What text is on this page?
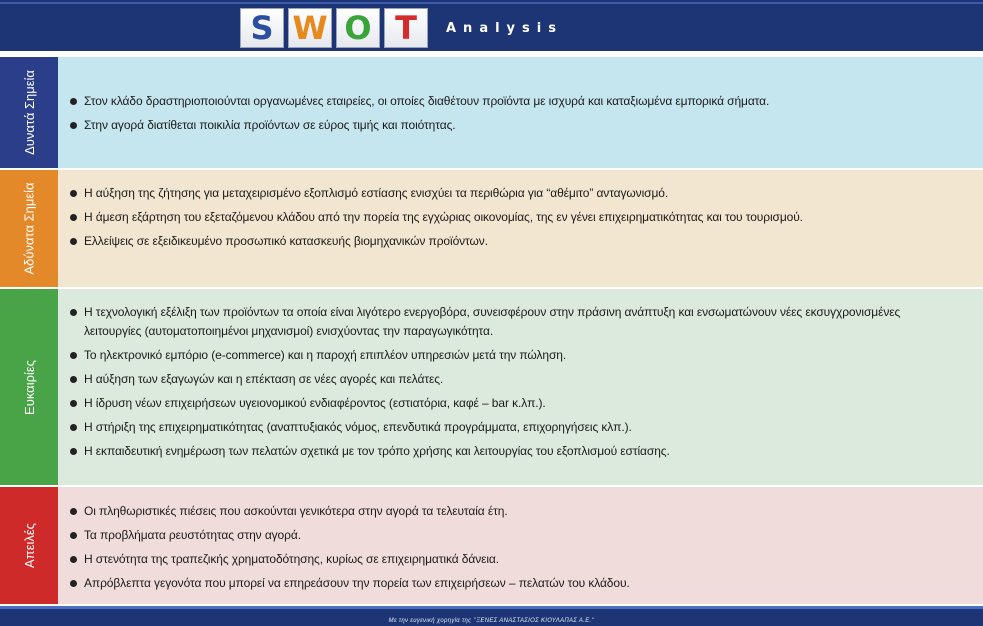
S W O T Analysis
Δυνατά Σημεία	Στον κλάδο δραστηριοποιούνται οργανωμένες εταιρείες, οι οποίες διαθέτουν προϊόντα με ισχυρά και καταξιωμένα εμπορικά σήματα.
Στην αγορά διατίθεται ποικιλία προϊόντων σε εύρος τιμής και ποιότητας.
Αδύνατα Σημεία	Η αύξηση της ζήτησης για μεταχειρισμένο εξοπλισμό εστίασης ενισχύει τα περιθώρια για “αθέμιτο” ανταγωνισμό.
Η άμεση εξάρτηση του εξεταζόμενου κλάδου από την πορεία της εγχώριας οικονομίας, της εν γένει επιχειρηματικότητας και του τουρισμού.
Ελλείψεις σε εξειδικευμένο προσωπικό κατασκευής βιομηχανικών προϊόντων.
Ευκαιρίες
Η τεχνολογική εξέλιξη των προϊόντων τα οποία είναι λιγότερο ενεργοβόρα, συνεισφέρουν στην πράσινη ανάπτυξη και ενσωματώνουν νέες εκσυγχρονισμένες λειτουργίες (αυτοματοποιημένοι μηχανισμοί) ενισχύοντας την παραγωγικότητα.
Το ηλεκτρονικό εμπόριο (e-commerce) και η παροχή επιπλέον υπηρεσιών μετά την πώληση.
Η αύξηση των εξαγωγών και η επέκταση σε νέες αγορές και πελάτες.
Η ίδρυση νέων επιχειρήσεων υγειονομικού ενδιαφέροντος (εστιατόρια, καφέ – bar κ.λπ.).
Η στήριξη της επιχειρηματικότητας (αναπτυξιακός νόμος, επενδυτικά προγράμματα, επιχορηγήσεις κλπ.).
Η εκπαιδευτική ενημέρωση των πελατών σχετικά με τον τρόπο χρήσης και λειτουργίας του εξοπλισμού εστίασης.
Απειλές
Οι πληθωριστικές πιέσεις που ασκούνται γενικότερα στην αγορά τα τελευταία έτη.
Τα προβλήματα ρευστότητας στην αγορά.
Η στενότητα της τραπεζικής χρηματοδότησης, κυρίως σε επιχειρηματικά δάνεια.
Απρόβλεπτα γεγονότα που μπορεί να επηρεάσουν την πορεία των επιχειρήσεων – πελατών του κλάδου.
Με την ευγενική χορηγία της ''ΞΕΝΕΣ ΑΝΑΣΤΑΣΙΟΣ ΚΙΟΥΛΑΠΑΣ Α.Ε.''
